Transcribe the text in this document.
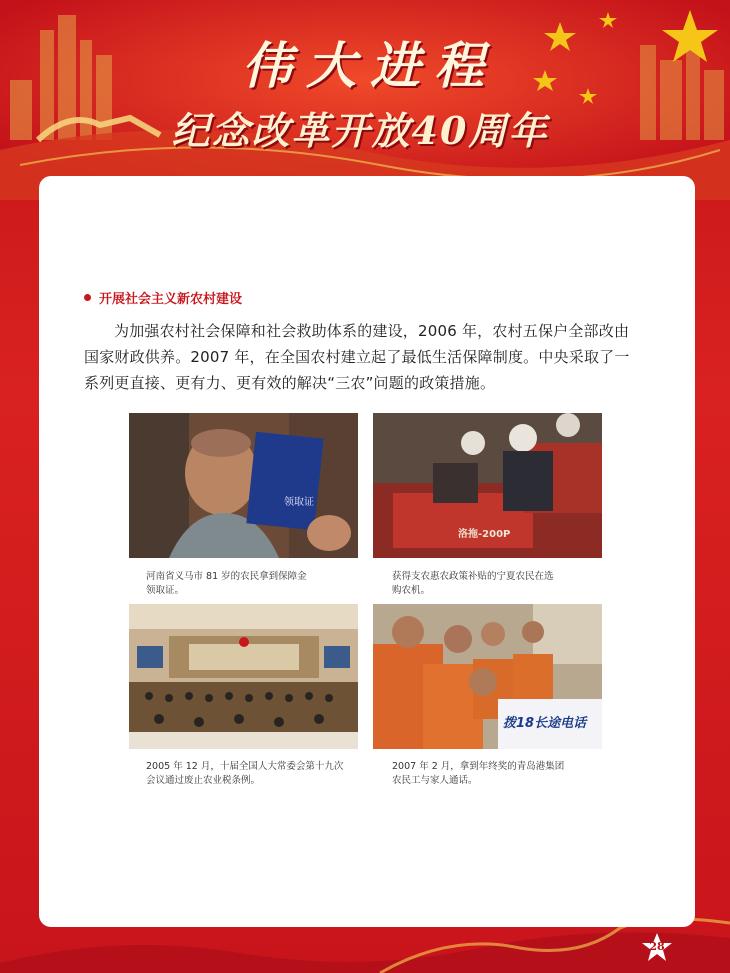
伟大进程
纪念改革开放40周年
开展社会主义新农村建设
为加强农村社会保障和社会救助体系的建设，2006 年，农村五保户全部改由
国家财政供养。2007 年，在全国农村建立起了最低生活保障制度。中央采取了一
系列更直接、更有力、更有效的解决“三农”问题的政策措施。
领取证
河南省义马市 81 岁的农民拿到保障金
领取证。
洛拖-200P
获得支农惠农政策补贴的宁夏农民在选
购农机。
2005 年 12 月，十届全国人大常委会第十九次
会议通过废止农业税条例。
拨18长途电话
2007 年 2 月，拿到年终奖的青岛港集团
农民工与家人通话。
28
